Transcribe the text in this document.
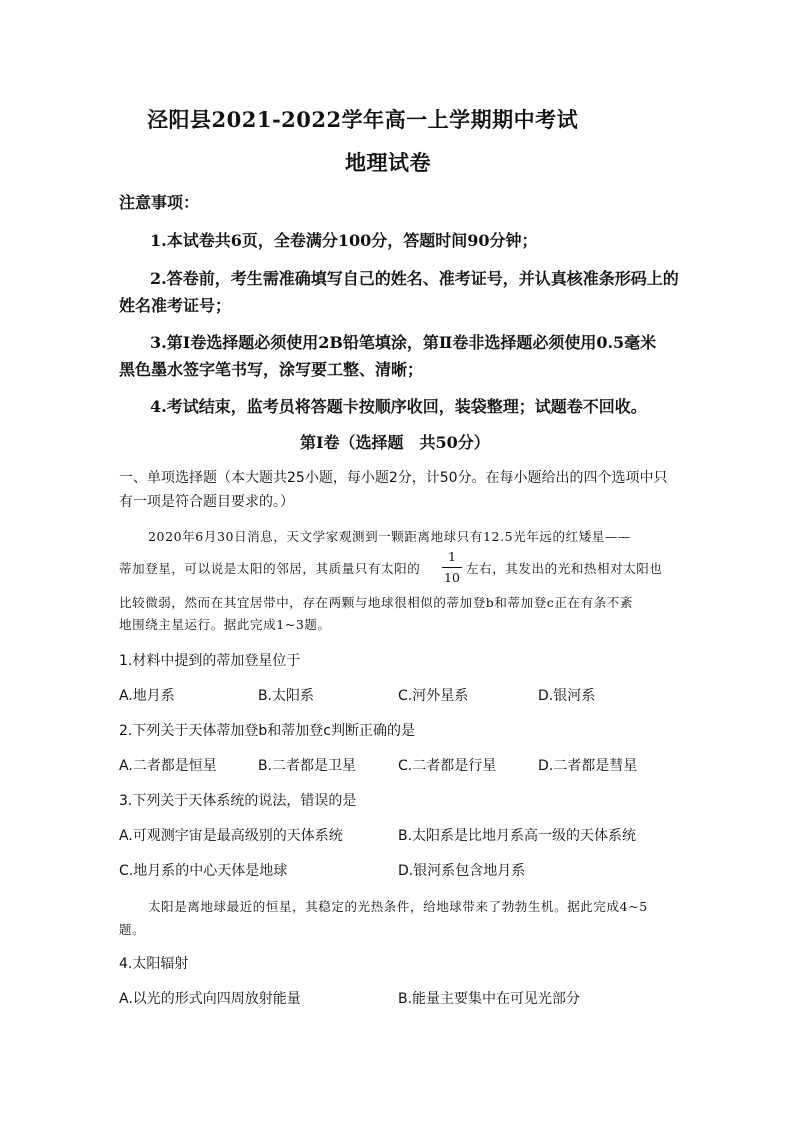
泾阳县2021-2022学年高一上学期期中考试
地理试卷
注意事项：
1.本试卷共6页，全卷满分100分，答题时间90分钟；
2.答卷前，考生需准确填写自己的姓名、准考证号，并认真核准条形码上的
姓名准考证号；
3.第Ⅰ卷选择题必须使用2B铅笔填涂，第Ⅱ卷非选择题必须使用0.5毫米
黑色墨水签字笔书写，涂写要工整、清晰；
4.考试结束，监考员将答题卡按顺序收回，装袋整理；试题卷不回收。
第Ⅰ卷（选择题　共50分）
一、单项选择题（本大题共25小题，每小题2分，计50分。在每小题给出的四个选项中只
有一项是符合题目要求的。）
2020年6月30日消息，天文学家观测到一颗距离地球只有12.5光年远的红矮星——
蒂加登星，可以说是太阳的邻居，其质量只有太阳的
1
10
左右，其发出的光和热相对太阳也
比较微弱，然而在其宜居带中，存在两颗与地球很相似的蒂加登b和蒂加登c正在有条不紊
地围绕主星运行。据此完成1~3题。
1.材料中提到的蒂加登星位于
A.地月系	B.太阳系	C.河外星系	D.银河系
2.下列关于天体蒂加登b和蒂加登c判断正确的是
A.二者都是恒星	B.二者都是卫星	C.二者都是行星	D.二者都是彗星
3.下列关于天体系统的说法，错误的是
A.可观测宇宙是最高级别的天体系统	B.太阳系是比地月系高一级的天体系统
C.地月系的中心天体是地球	D.银河系包含地月系
太阳是离地球最近的恒星，其稳定的光热条件，给地球带来了勃勃生机。据此完成4~5
题。
4.太阳辐射
A.以光的形式向四周放射能量	B.能量主要集中在可见光部分
